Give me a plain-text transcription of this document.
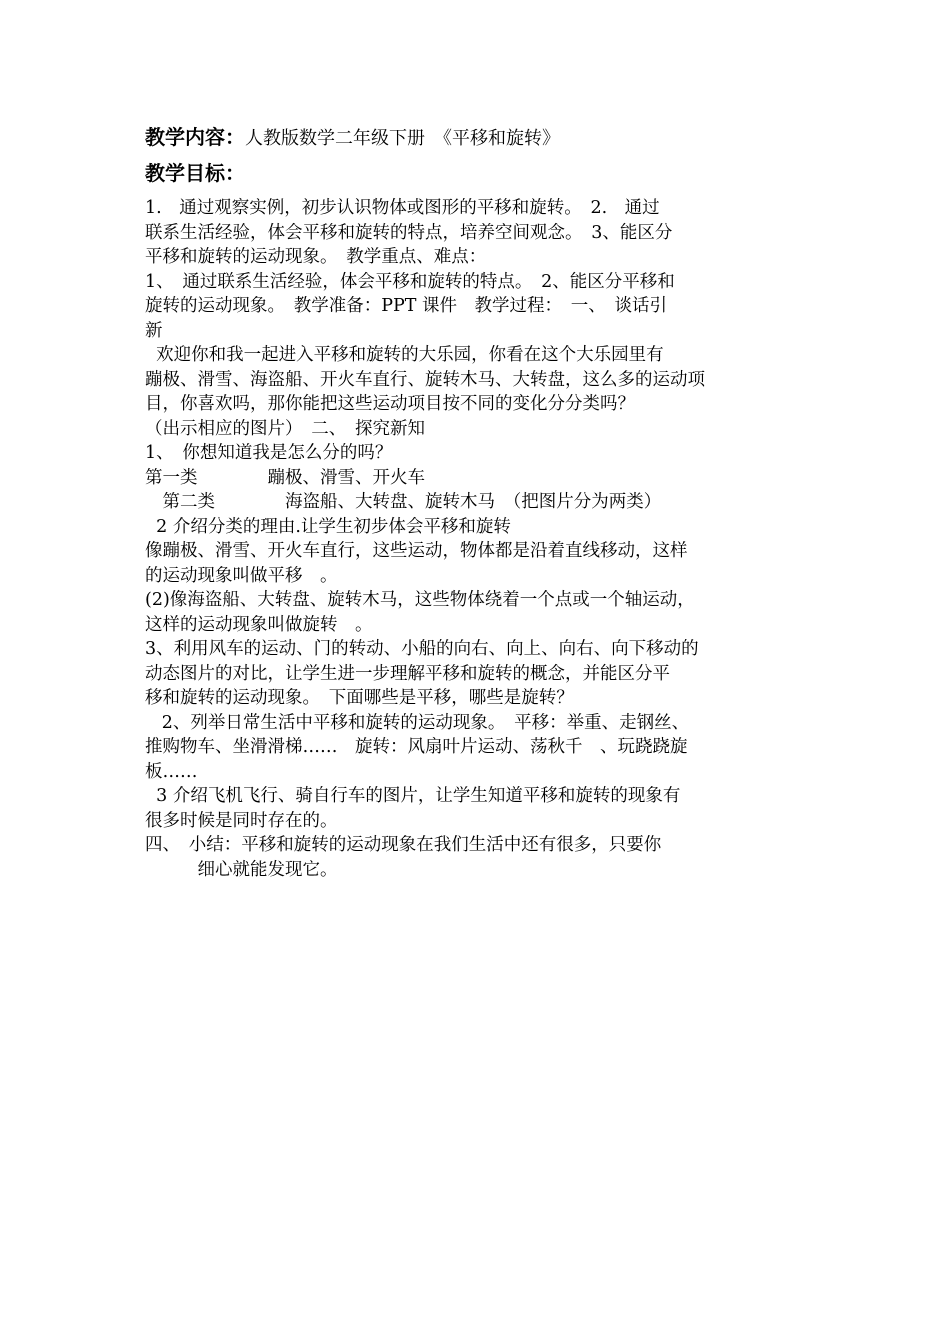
教学内容：人教版数学二年级下册　《平移和旋转》
教学目标：
1.　通过观察实例，初步认识物体或图形的平移和旋转。　2.　通过
联系生活经验，体会平移和旋转的特点，培养空间观念。　3、能区分
平移和旋转的运动现象。　教学重点、难点：
1、　通过联系生活经验，体会平移和旋转的特点。　2、能区分平移和
旋转的运动现象。　教学准备：PPT 课件　教学过程：　一、　谈话引
新
欢迎你和我一起进入平移和旋转的大乐园，你看在这个大乐园里有
蹦极、滑雪、海盗船、开火车直行、旋转木马、大转盘，这么多的运动项
目，你喜欢吗，那你能把这些运动项目按不同的变化分分类吗？
（出示相应的图片）　二、　探究新知
1、　你想知道我是怎么分的吗？
第一类　　　　蹦极、滑雪、开火车
　第二类　　　　海盗船、大转盘、旋转木马　（把图片分为两类）
2 介绍分类的理由.让学生初步体会平移和旋转
像蹦极、滑雪、开火车直行，这些运动，物体都是沿着直线移动，这样
的运动现象叫做平移　。
(2)像海盗船、大转盘、旋转木马，这些物体绕着一个点或一个轴运动，
这样的运动现象叫做旋转　。
3、利用风车的运动、门的转动、小船的向右、向上、向右、向下移动的
动态图片的对比，让学生进一步理解平移和旋转的概念，并能区分平
移和旋转的运动现象。　下面哪些是平移，哪些是旋转？
2、列举日常生活中平移和旋转的运动现象。　平移：举重、走钢丝、
推购物车、坐滑滑梯……　旋转：风扇叶片运动、荡秋千　、玩跷跷旋
板……
3 介绍飞机飞行、骑自行车的图片，让学生知道平移和旋转的现象有
很多时候是同时存在的。
四、　小结：平移和旋转的运动现象在我们生活中还有很多，只要你
　　　细心就能发现它。
